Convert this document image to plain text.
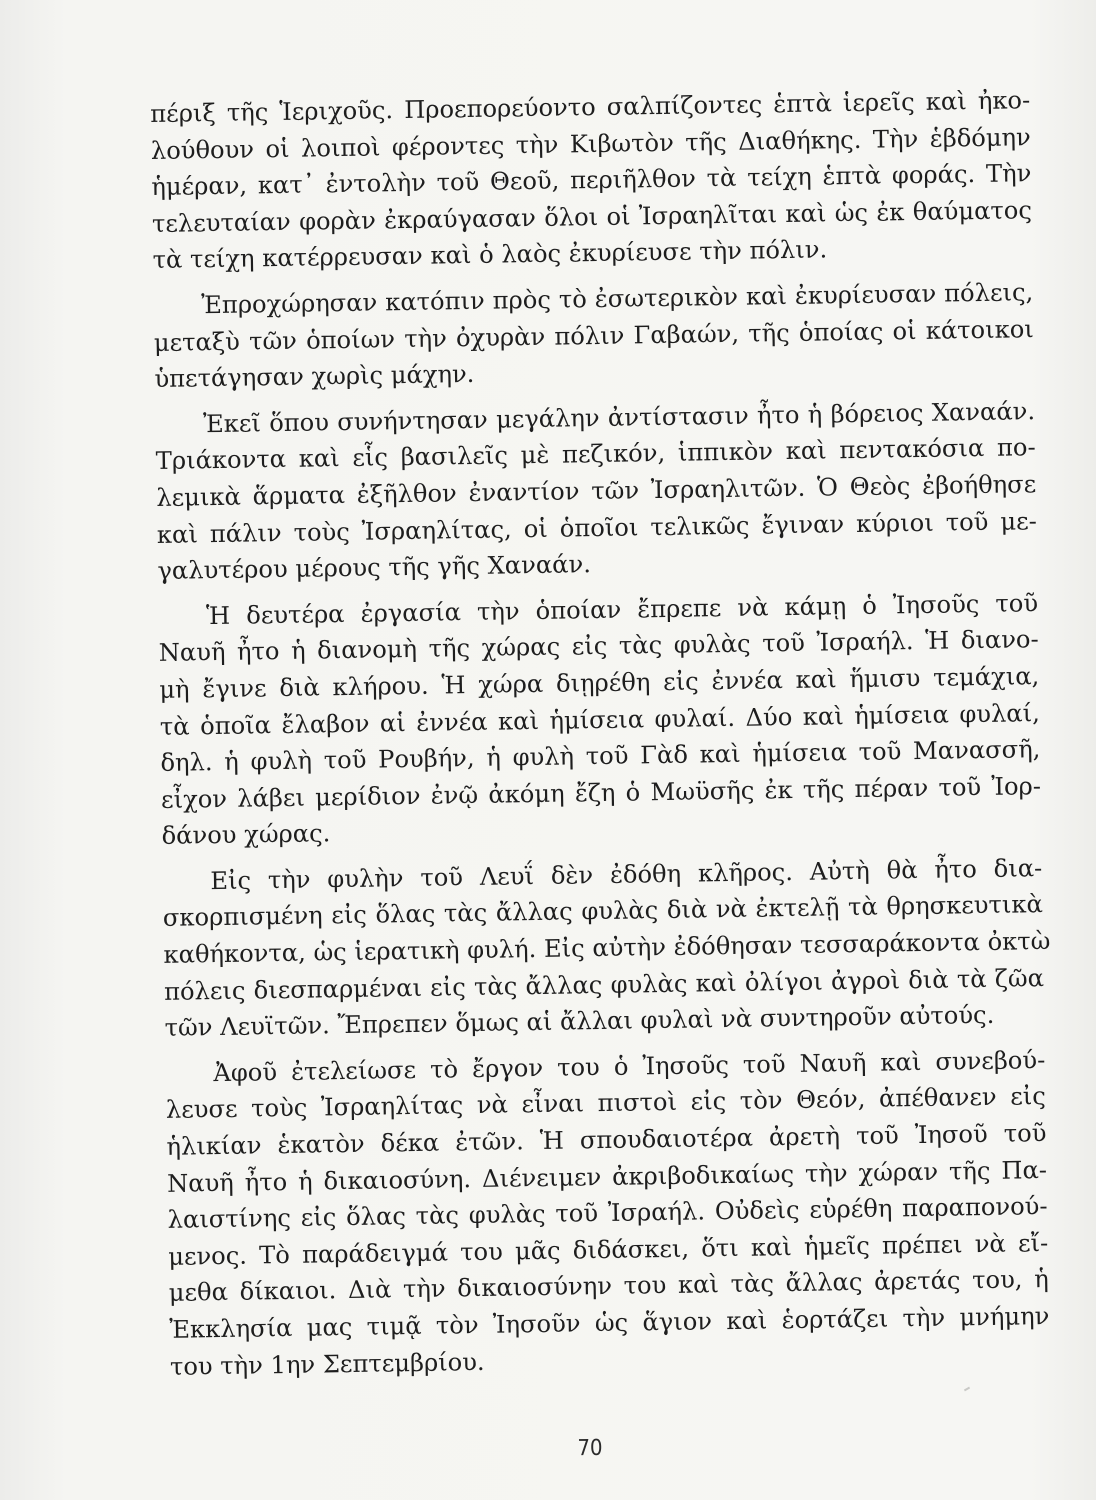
πέριξ τῆς Ἱεριχοῦς. Προεπορεύοντο σαλπίζοντες ἑπτὰ ἱερεῖς καὶ ἠκο-
λούθουν οἱ λοιποὶ φέροντες τὴν Κιβωτὸν τῆς Διαθήκης. Τὴν ἑβδόμην
ἡμέραν, κατ᾽ ἐντολὴν τοῦ Θεοῦ, περιῆλθον τὰ τείχη ἑπτὰ φοράς. Τὴν
τελευταίαν φορὰν ἐκραύγασαν ὅλοι οἱ Ἰσραηλῖται καὶ ὡς ἐκ θαύματος
τὰ τείχη κατέρρευσαν καὶ ὁ λαὸς ἐκυρίευσε τὴν πόλιν.

Ἐπροχώρησαν κατόπιν πρὸς τὸ ἐσωτερικὸν καὶ ἐκυρίευσαν πόλεις,
μεταξὺ τῶν ὁποίων τὴν ὀχυρὰν πόλιν Γαβαών, τῆς ὁποίας οἱ κάτοικοι
ὑπετάγησαν χωρὶς μάχην.

Ἐκεῖ ὅπου συνήντησαν μεγάλην ἀντίστασιν ἦτο ἡ βόρειος Χαναάν.
Τριάκοντα καὶ εἷς βασιλεῖς μὲ πεζικόν, ἱππικὸν καὶ πεντακόσια πο-
λεμικὰ ἅρματα ἐξῆλθον ἐναντίον τῶν Ἰσραηλιτῶν. Ὁ Θεὸς ἐβοήθησε
καὶ πάλιν τοὺς Ἰσραηλίτας, οἱ ὁποῖοι τελικῶς ἔγιναν κύριοι τοῦ με-
γαλυτέρου μέρους τῆς γῆς Χαναάν.

Ἡ δευτέρα ἐργασία τὴν ὁποίαν ἔπρεπε νὰ κάμῃ ὁ Ἰησοῦς τοῦ
Ναυῆ ἦτο ἡ διανομὴ τῆς χώρας εἰς τὰς φυλὰς τοῦ Ἰσραήλ. Ἡ διανο-
μὴ ἔγινε διὰ κλήρου. Ἡ χώρα διῃρέθη εἰς ἐννέα καὶ ἥμισυ τεμάχια,
τὰ ὁποῖα ἔλαβον αἱ ἐννέα καὶ ἡμίσεια φυλαί. Δύο καὶ ἡμίσεια φυλαί,
δηλ. ἡ φυλὴ τοῦ Ρουβήν, ἡ φυλὴ τοῦ Γὰδ καὶ ἡμίσεια τοῦ Μανασσῆ,
εἶχον λάβει μερίδιον ἐνῷ ἀκόμη ἔζη ὁ Μωϋσῆς ἐκ τῆς πέραν τοῦ Ἰορ-
δάνου χώρας.

Εἰς τὴν φυλὴν τοῦ Λευΐ δὲν ἐδόθη κλῆρος. Αὐτὴ θὰ ἦτο δια-
σκορπισμένη εἰς ὅλας τὰς ἄλλας φυλὰς διὰ νὰ ἐκτελῇ τὰ θρησκευτικὰ
καθήκοντα, ὡς ἱερατικὴ φυλή. Εἰς αὐτὴν ἐδόθησαν τεσσαράκοντα ὀκτὼ
πόλεις διεσπαρμέναι εἰς τὰς ἄλλας φυλὰς καὶ ὀλίγοι ἀγροὶ διὰ τὰ ζῶα
τῶν Λευϊτῶν. Ἔπρεπεν ὅμως αἱ ἄλλαι φυλαὶ νὰ συντηροῦν αὐτούς.

Ἀφοῦ ἐτελείωσε τὸ ἔργον του ὁ Ἰησοῦς τοῦ Ναυῆ καὶ συνεβού-
λευσε τοὺς Ἰσραηλίτας νὰ εἶναι πιστοὶ εἰς τὸν Θεόν, ἀπέθανεν εἰς
ἡλικίαν ἑκατὸν δέκα ἐτῶν. Ἡ σπουδαιοτέρα ἀρετὴ τοῦ Ἰησοῦ τοῦ
Ναυῆ ἦτο ἡ δικαιοσύνη. Διένειμεν ἀκριβοδικαίως τὴν χώραν τῆς Πα-
λαιστίνης εἰς ὅλας τὰς φυλὰς τοῦ Ἰσραήλ. Οὐδεὶς εὑρέθη παραπονού-
μενος. Τὸ παράδειγμά του μᾶς διδάσκει, ὅτι καὶ ἡμεῖς πρέπει νὰ εἴ-
μεθα δίκαιοι. Διὰ τὴν δικαιοσύνην του καὶ τὰς ἄλλας ἀρετάς του, ἡ
Ἐκκλησία μας τιμᾷ τὸν Ἰησοῦν ὡς ἅγιον καὶ ἑορτάζει τὴν μνήμην
του τὴν 1ην Σεπτεμβρίου.

70
